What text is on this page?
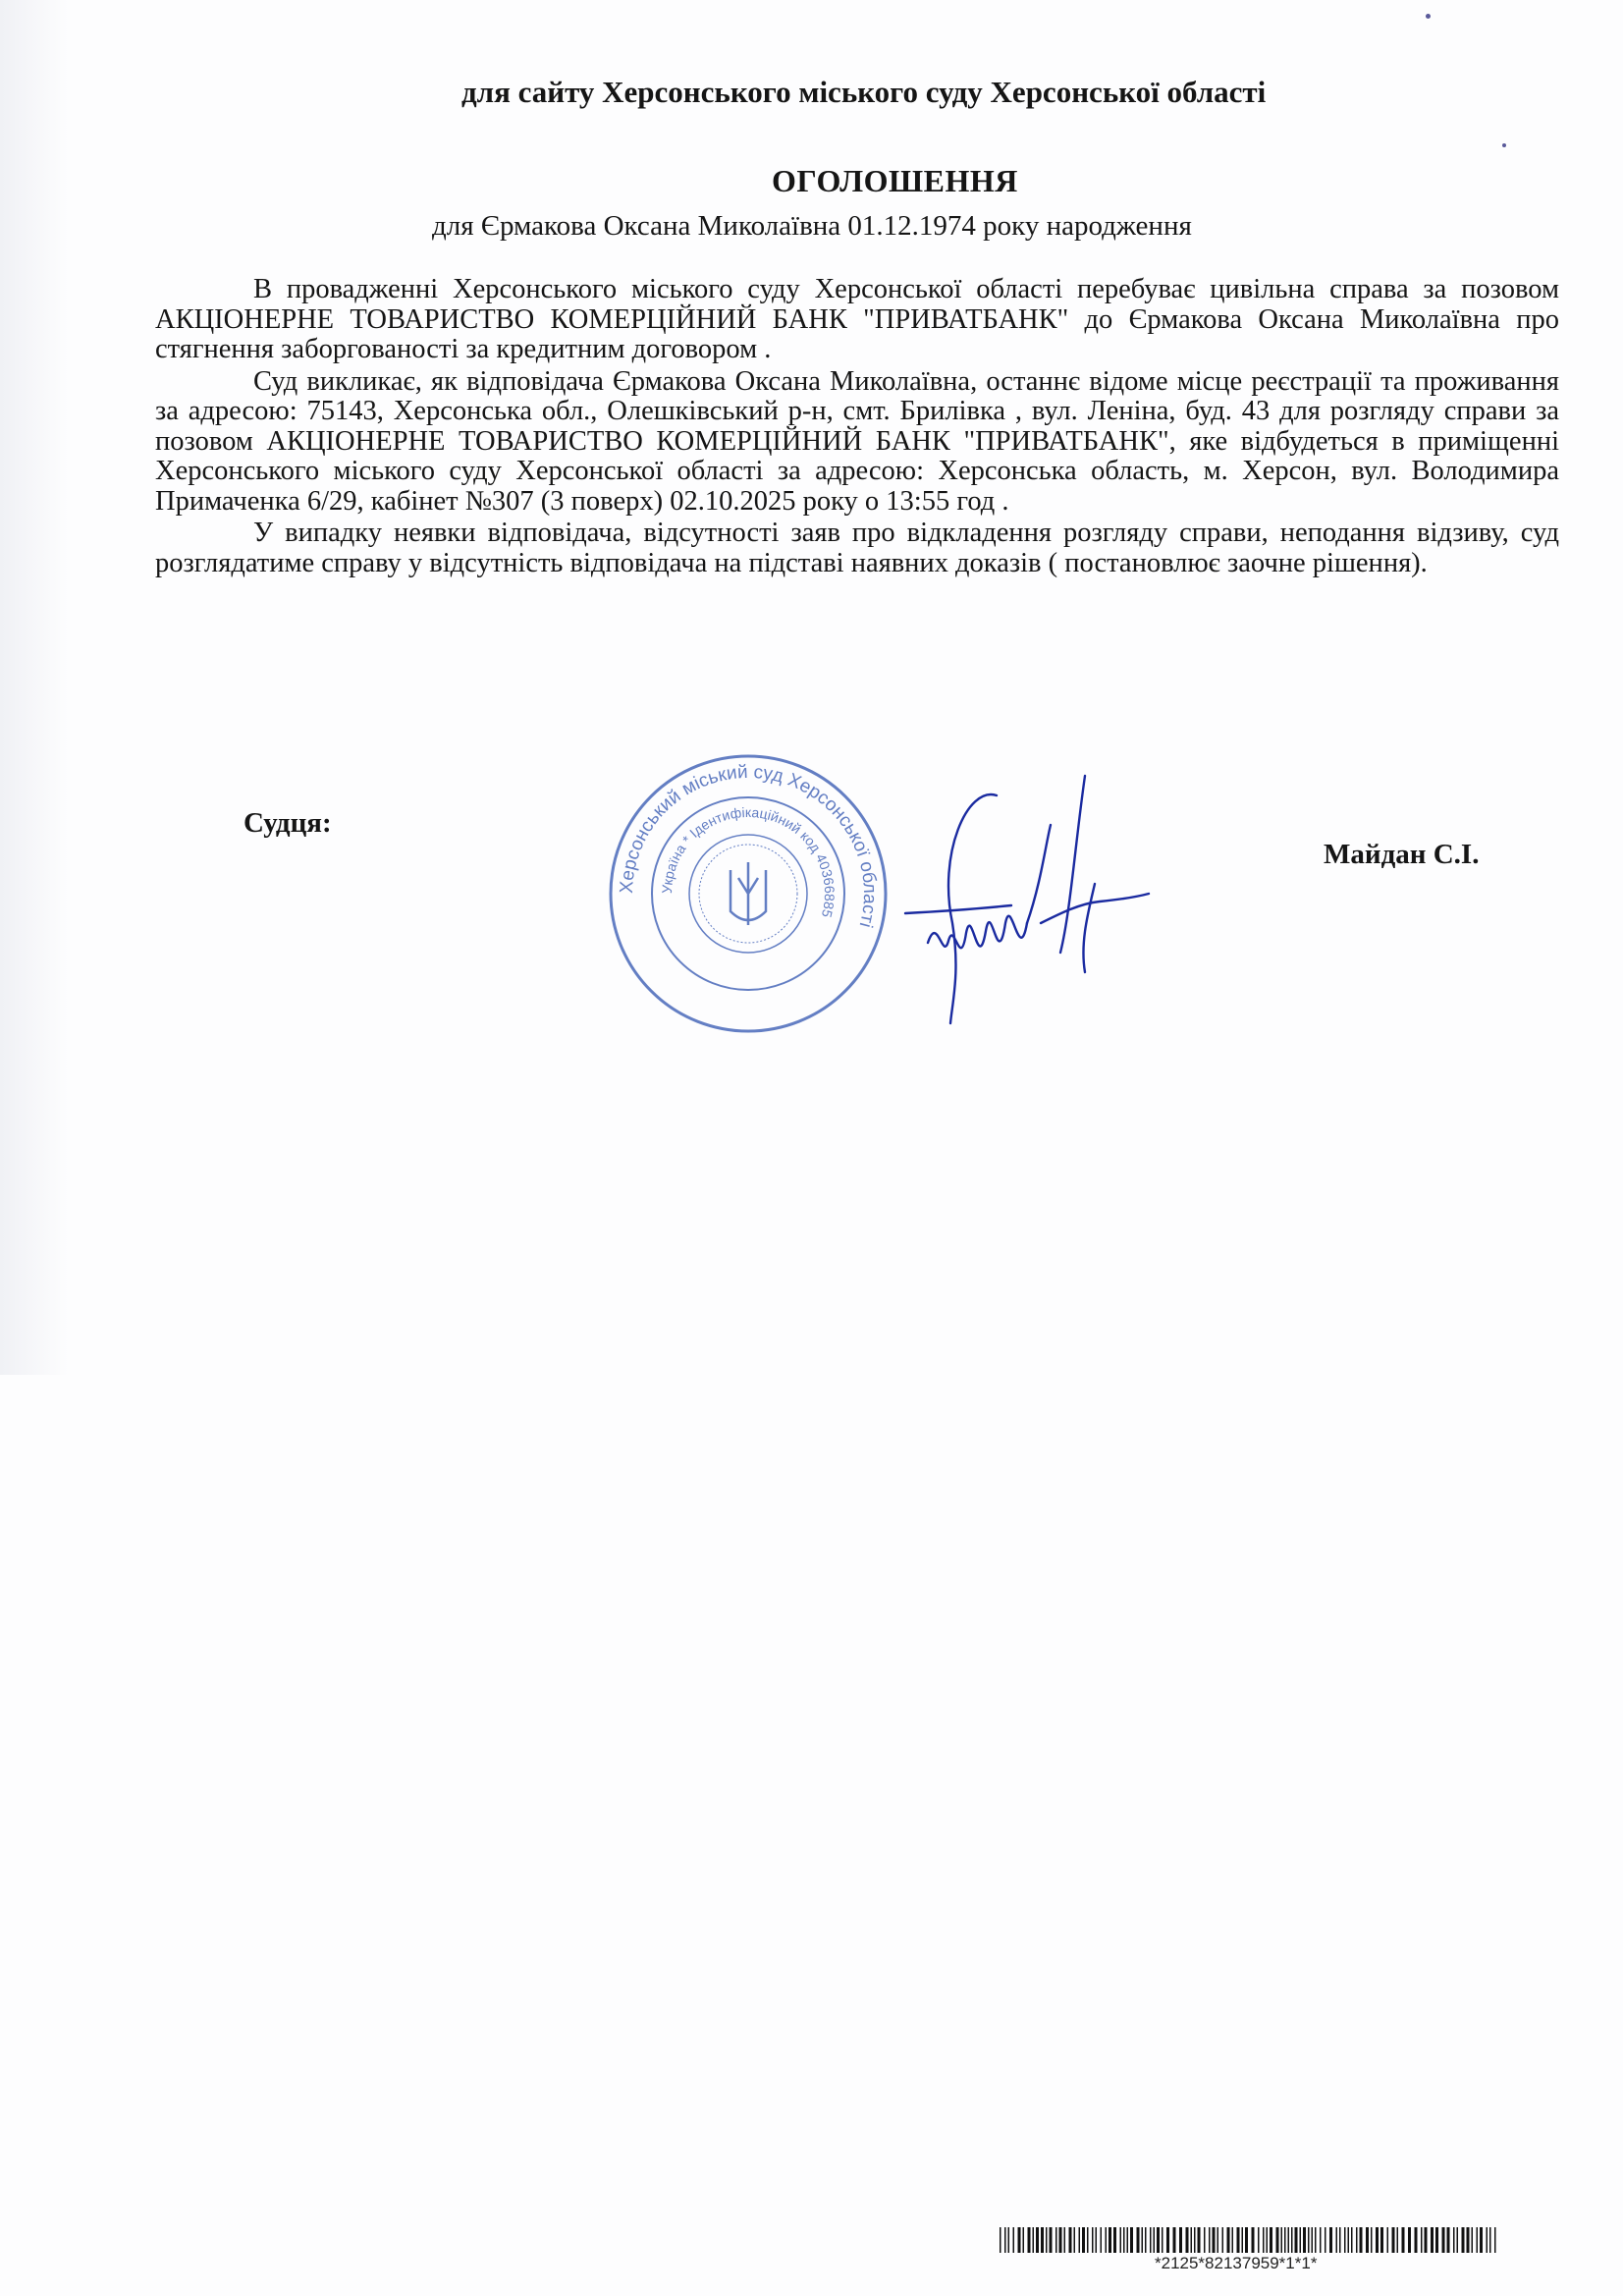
для сайту Херсонського міського суду Херсонської області
ОГОЛОШЕННЯ
для Єрмакова Оксана Миколаївна 01.12.1974 року народження

В провадженні Херсонського міського суду Херсонської області перебуває цивільна справа за позовом АКЦІОНЕРНЕ ТОВАРИСТВО КОМЕРЦІЙНИЙ БАНК "ПРИВАТБАНК" до Єрмакова Оксана Миколаївна про стягнення заборгованості за кредитним договором .

Суд викликає, як відповідача Єрмакова Оксана Миколаївна, останнє відоме місце реєстрації та проживання за адресою: 75143, Херсонська обл., Олешківський р-н, смт. Брилівка , вул. Леніна, буд. 43 для розгляду справи за позовом АКЦІОНЕРНЕ ТОВАРИСТВО КОМЕРЦІЙНИЙ БАНК "ПРИВАТБАНК", яке відбудеться в приміщенні Херсонського міського суду Херсонської області за адресою: Херсонська область, м. Херсон, вул. Володимира Примаченка 6/29, кабінет №307 (3 поверх) 02.10.2025 року о 13:55 год .

У випадку неявки відповідача, відсутності заяв про відкладення розгляду справи, неподання відзиву, суд розглядатиме справу у відсутність відповідача на підставі наявних доказів ( постановлює заочне рішення).

Судця:
Майдан С.І.
Херсонський міський суд Херсонської області
Україна * Ідентифікаційний код 40366885
*2125*82137959*1*1*
